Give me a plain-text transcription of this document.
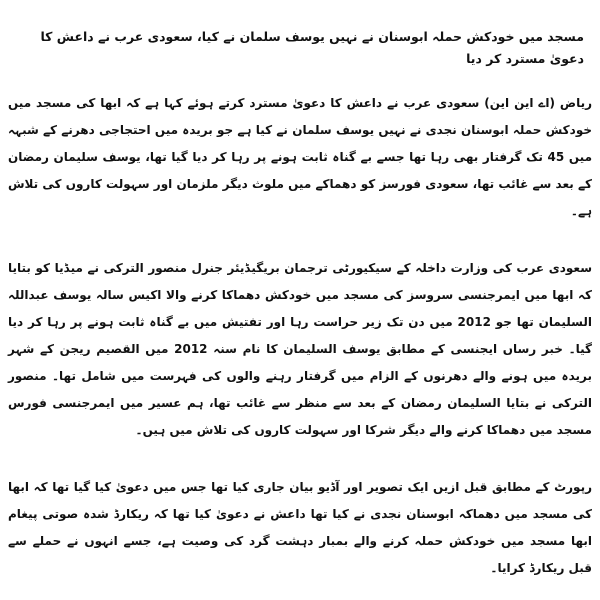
مسجد میں خودکش حملہ ابوسنان نے نہیں یوسف سلمان نے کیا، سعودی عرب نے داعش کا دعویٰ مسترد کر دیا

ریاض (اے این این) سعودی عرب نے داعش کا دعویٰ مسترد کرتے ہوئے کہا ہے کہ ابھا کی مسجد میں خودکش حملہ ابوسنان نجدی نے نہیں یوسف سلمان نے کیا ہے جو بریدہ میں احتجاجی دھرنے کے شبہہ میں 45 تک گرفتار بھی رہا تھا جسے بے گناہ ثابت ہونے پر رہا کر دیا گیا تھا، یوسف سلیمان رمضان کے بعد سے غائب تھا، سعودی فورسز کو دھماکے میں ملوث دیگر ملزمان اور سہولت کاروں کی تلاش ہے۔

سعودی عرب کی وزارت داخلہ کے سیکیورٹی ترجمان بریگیڈیئر جنرل منصور الترکی نے میڈیا کو بتایا کہ ابھا میں ایمرجنسی سروسز کی مسجد میں خودکش دھماکا کرنے والا اکیس سالہ یوسف عبداللہ السلیمان تھا جو 2012 میں دن تک زیر حراست رہا اور تفتیش میں بے گناہ ثابت ہونے پر رہا کر دیا گیا۔ خبر رساں ایجنسی کے مطابق یوسف السلیمان کا نام سنہ 2012 میں القصیم ریجن کے شہر بریدہ میں ہونے والے دھرنوں کے الزام میں گرفتار رہنے والوں کی فہرست میں شامل تھا۔ منصور الترکی نے بتایا السلیمان رمضان کے بعد سے منظر سے غائب تھا، ہم عسیر میں ایمرجنسی فورس مسجد میں دھماکا کرنے والے دیگر شرکا اور سہولت کاروں کی تلاش میں ہیں۔

رپورٹ کے مطابق قبل ازیں ایک تصویر اور آڈیو بیان جاری کیا تھا جس میں دعویٰ کیا گیا تھا کہ ابھا کی مسجد میں دھماکہ ابوسنان نجدی نے کیا تھا داعش نے دعویٰ کیا تھا کہ ریکارڈ شدہ صوتی پیغام ابھا مسجد میں خودکش حملہ کرنے والے بمبار دہشت گرد کی وصیت ہے، جسے انہوں نے حملے سے قبل ریکارڈ کرایا۔
